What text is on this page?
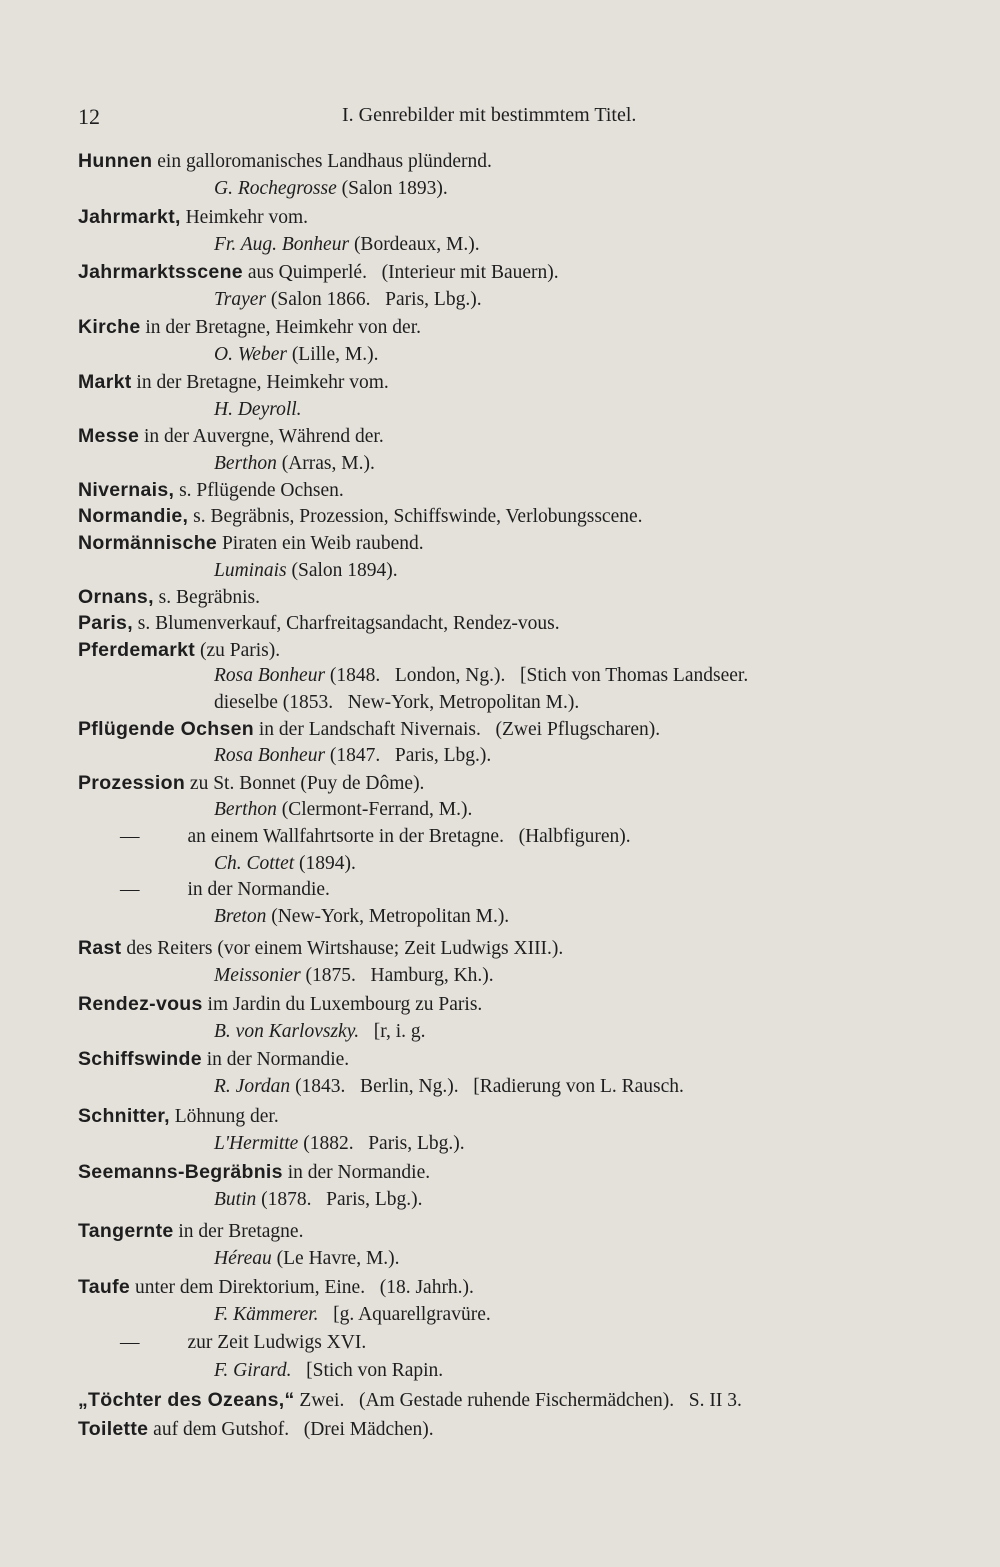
12	I. Genrebilder mit bestimmtem Titel.
Hunnen ein galloromanisches Landhaus plündernd.
G. Rochegrosse (Salon 1893).
Jahrmarkt, Heimkehr vom.
Fr. Aug. Bonheur (Bordeaux, M.).
Jahrmarktsscene aus Quimperlé.   (Interieur mit Bauern).
Trayer (Salon 1866.   Paris, Lbg.).
Kirche in der Bretagne, Heimkehr von der.
O. Weber (Lille, M.).
Markt in der Bretagne, Heimkehr vom.
H. Deyroll.
Messe in der Auvergne, Während der.
Berthon (Arras, M.).
Nivernais, s. Pflügende Ochsen.
Normandie, s. Begräbnis, Prozession, Schiffswinde, Verlobungsscene.
Normännische Piraten ein Weib raubend.
Luminais (Salon 1894).
Ornans, s. Begräbnis.
Paris, s. Blumenverkauf, Charfreitagsandacht, Rendez-vous.
Pferdemarkt (zu Paris).
Rosa Bonheur (1848.   London, Ng.).   [Stich von Thomas Landseer.
dieselbe (1853.   New-York, Metropolitan M.).
Pflügende Ochsen in der Landschaft Nivernais.   (Zwei Pflugscharen).
Rosa Bonheur (1847.   Paris, Lbg.).
Prozession zu St. Bonnet (Puy de Dôme).
Berthon (Clermont-Ferrand, M.).
— an einem Wallfahrtsorte in der Bretagne.   (Halbfiguren).
Ch. Cottet (1894).
— in der Normandie.
Breton (New-York, Metropolitan M.).
Rast des Reiters (vor einem Wirtshause; Zeit Ludwigs XIII.).
Meissonier (1875.   Hamburg, Kh.).
Rendez-vous im Jardin du Luxembourg zu Paris.
B. von Karlovszky.   [r, i. g.
Schiffswinde in der Normandie.
R. Jordan (1843.   Berlin, Ng.).   [Radierung von L. Rausch.
Schnitter, Löhnung der.
L'Hermitte (1882.   Paris, Lbg.).
Seemanns-Begräbnis in der Normandie.
Butin (1878.   Paris, Lbg.).
Tangernte in der Bretagne.
Héreau (Le Havre, M.).
Taufe unter dem Direktorium, Eine.   (18. Jahrh.).
F. Kämmerer.   [g. Aquarellgravüre.
— zur Zeit Ludwigs XVI.
F. Girard.   [Stich von Rapin.
„Töchter des Ozeans,“ Zwei.   (Am Gestade ruhende Fischermädchen).   S. II 3.
Toilette auf dem Gutshof.   (Drei Mädchen).
